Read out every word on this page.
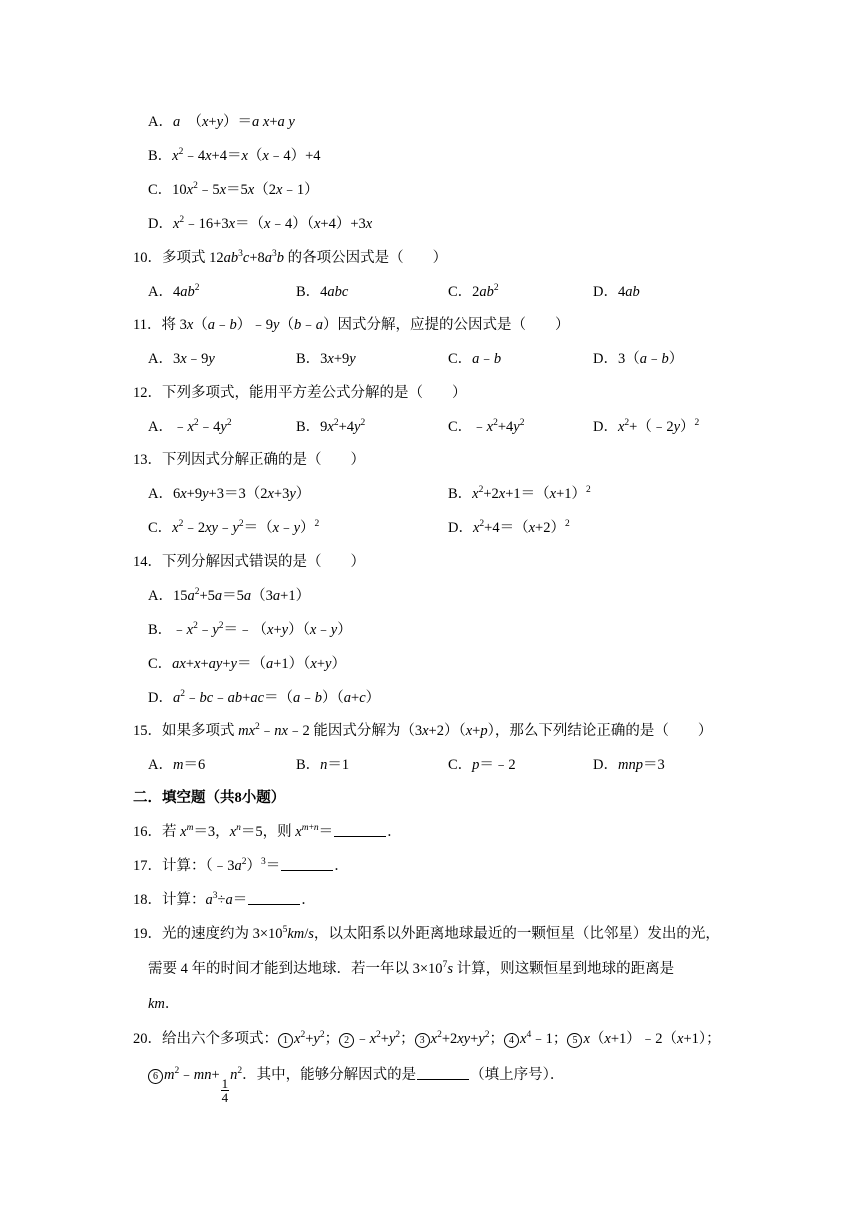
A．a  （x+y）＝a x+a y
B．$x^2﹣4x+4=x(x﹣4)+4$
C．$10x^2﹣5x=5x(2x﹣1)$
D．$x^2﹣16+3x=(x﹣4)(x+4)+3x$
10．多项式 $12ab^3c+8a^3b$ 的各项公因式是（　　）
A．$4ab^2$	B．4abc	C．$2ab^2$	D．4ab
11．将 3x（a﹣b）﹣9y（b﹣a）因式分解，应提的公因式是（　　）
A．3x﹣9y	B．3x+9y	C．a﹣b	D．3（a﹣b）
12．下列多项式，能用平方差公式分解的是（　　）
A．$﹣x^2﹣4y^2$	B．$9x^2+4y^2$	C．$﹣x^2+4y^2$	D．$x^2+(﹣2y)^2$
13．下列因式分解正确的是（　　）
A．6x+9y+3＝3（2x+3y）	B．$x^2+2x+1=(x+1)^2$
C．$x^2﹣2xy﹣y^2=(x﹣y)^2$	D．$x^2+4=(x+2)^2$
14．下列分解因式错误的是（　　）
A．$15a^2+5a=5a(3a+1)$
B．$﹣x^2﹣y^2=﹣(x+y)(x﹣y)$
C．ax+x+ay+y＝（a+1）（x+y）
D．$a^2﹣bc﹣ab+ac=(a﹣b)(a+c)$
15．如果多项式 $mx^2﹣nx﹣2$ 能因式分解为（3x+2）（x+p），那么下列结论正确的是（　　）
A．m＝6	B．n＝1	C．p＝﹣2	D．mnp＝3
二．填空题（共8小题）
16．若 $x^m=3$，$x^n=5$，则 $x^{m+n}=$	．
17．计算：$(﹣3a^2)^3=$	．
18．计算：$a^3\div a=$	．
19．光的速度约为 $3\times 10^5km/s$，以太阳系以外距离地球最近的一颗恒星（比邻星）发出的光，
需要 4 年的时间才能到达地球．若一年以 $3\times 10^7s$ 计算，则这颗恒星到地球的距离是
km．
20．给出六个多项式： 1 $x^2+y^2$； 2 $﹣x^2+y^2$； 3 $x^2+2xy+y^2$； 4 $x^4﹣1$； 5 x（x+1）﹣2（x+1）；
6 $m^2﹣mn+$
$\frac{1}{4}$
$n^2$．其中，能够分解因式的是	（填上序号）．
